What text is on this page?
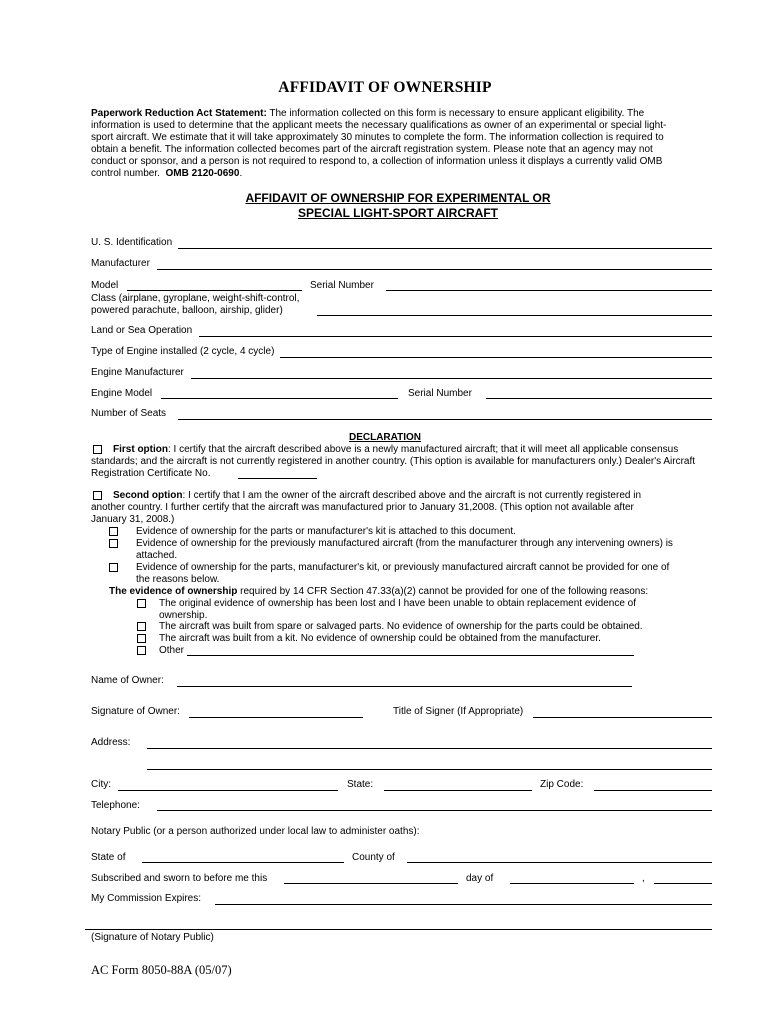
AFFIDAVIT OF OWNERSHIP
Paperwork Reduction Act Statement: The information collected on this form is necessary to ensure applicant eligibility. The
information is used to determine that the applicant meets the necessary qualifications as owner of an experimental or special light-
sport aircraft. We estimate that it will take approximately 30 minutes to complete the form. The information collection is required to
obtain a benefit. The information collected becomes part of the aircraft registration system. Please note that an agency may not
conduct or sponsor, and a person is not required to respond to, a collection of information unless it displays a currently valid OMB
control number. OMB 2120-0690.
AFFIDAVIT OF OWNERSHIP FOR EXPERIMENTAL OR
SPECIAL LIGHT-SPORT AIRCRAFT
U. S. Identification
Manufacturer
Model	Serial Number
Class (airplane, gyroplane, weight-shift-control,
powered parachute, balloon, airship, glider)
Land or Sea Operation
Type of Engine installed (2 cycle, 4 cycle)
Engine Manufacturer
Engine Model	Serial Number
Number of Seats
DECLARATION
First option: I certify that the aircraft described above is a newly manufactured aircraft; that it will meet all applicable consensus
standards; and the aircraft is not currently registered in another country. (This option is available for manufacturers only.) Dealer's Aircraft
Registration Certificate No.
Second option: I certify that I am the owner of the aircraft described above and the aircraft is not currently registered in
another country. I further certify that the aircraft was manufactured prior to January 31,2008. (This option not available after
January 31, 2008.)
Evidence of ownership for the parts or manufacturer's kit is attached to this document.
Evidence of ownership for the previously manufactured aircraft (from the manufacturer through any intervening owners) is
attached.
Evidence of ownership for the parts, manufacturer's kit, or previously manufactured aircraft cannot be provided for one of
the reasons below.
The evidence of ownership required by 14 CFR Section 47.33(a)(2) cannot be provided for one of the following reasons:
The original evidence of ownership has been lost and I have been unable to obtain replacement evidence of
ownership.
The aircraft was built from spare or salvaged parts. No evidence of ownership for the parts could be obtained.
The aircraft was built from a kit. No evidence of ownership could be obtained from the manufacturer.
Other
Name of Owner:
Signature of Owner:	Title of Signer (If Appropriate)
Address:
City:	State:	Zip Code:
Telephone:
Notary Public (or a person authorized under local law to administer oaths):
State of	County of
Subscribed and sworn to before me this	day of	,
My Commission Expires:
(Signature of Notary Public)
AC Form 8050-88A (05/07)
